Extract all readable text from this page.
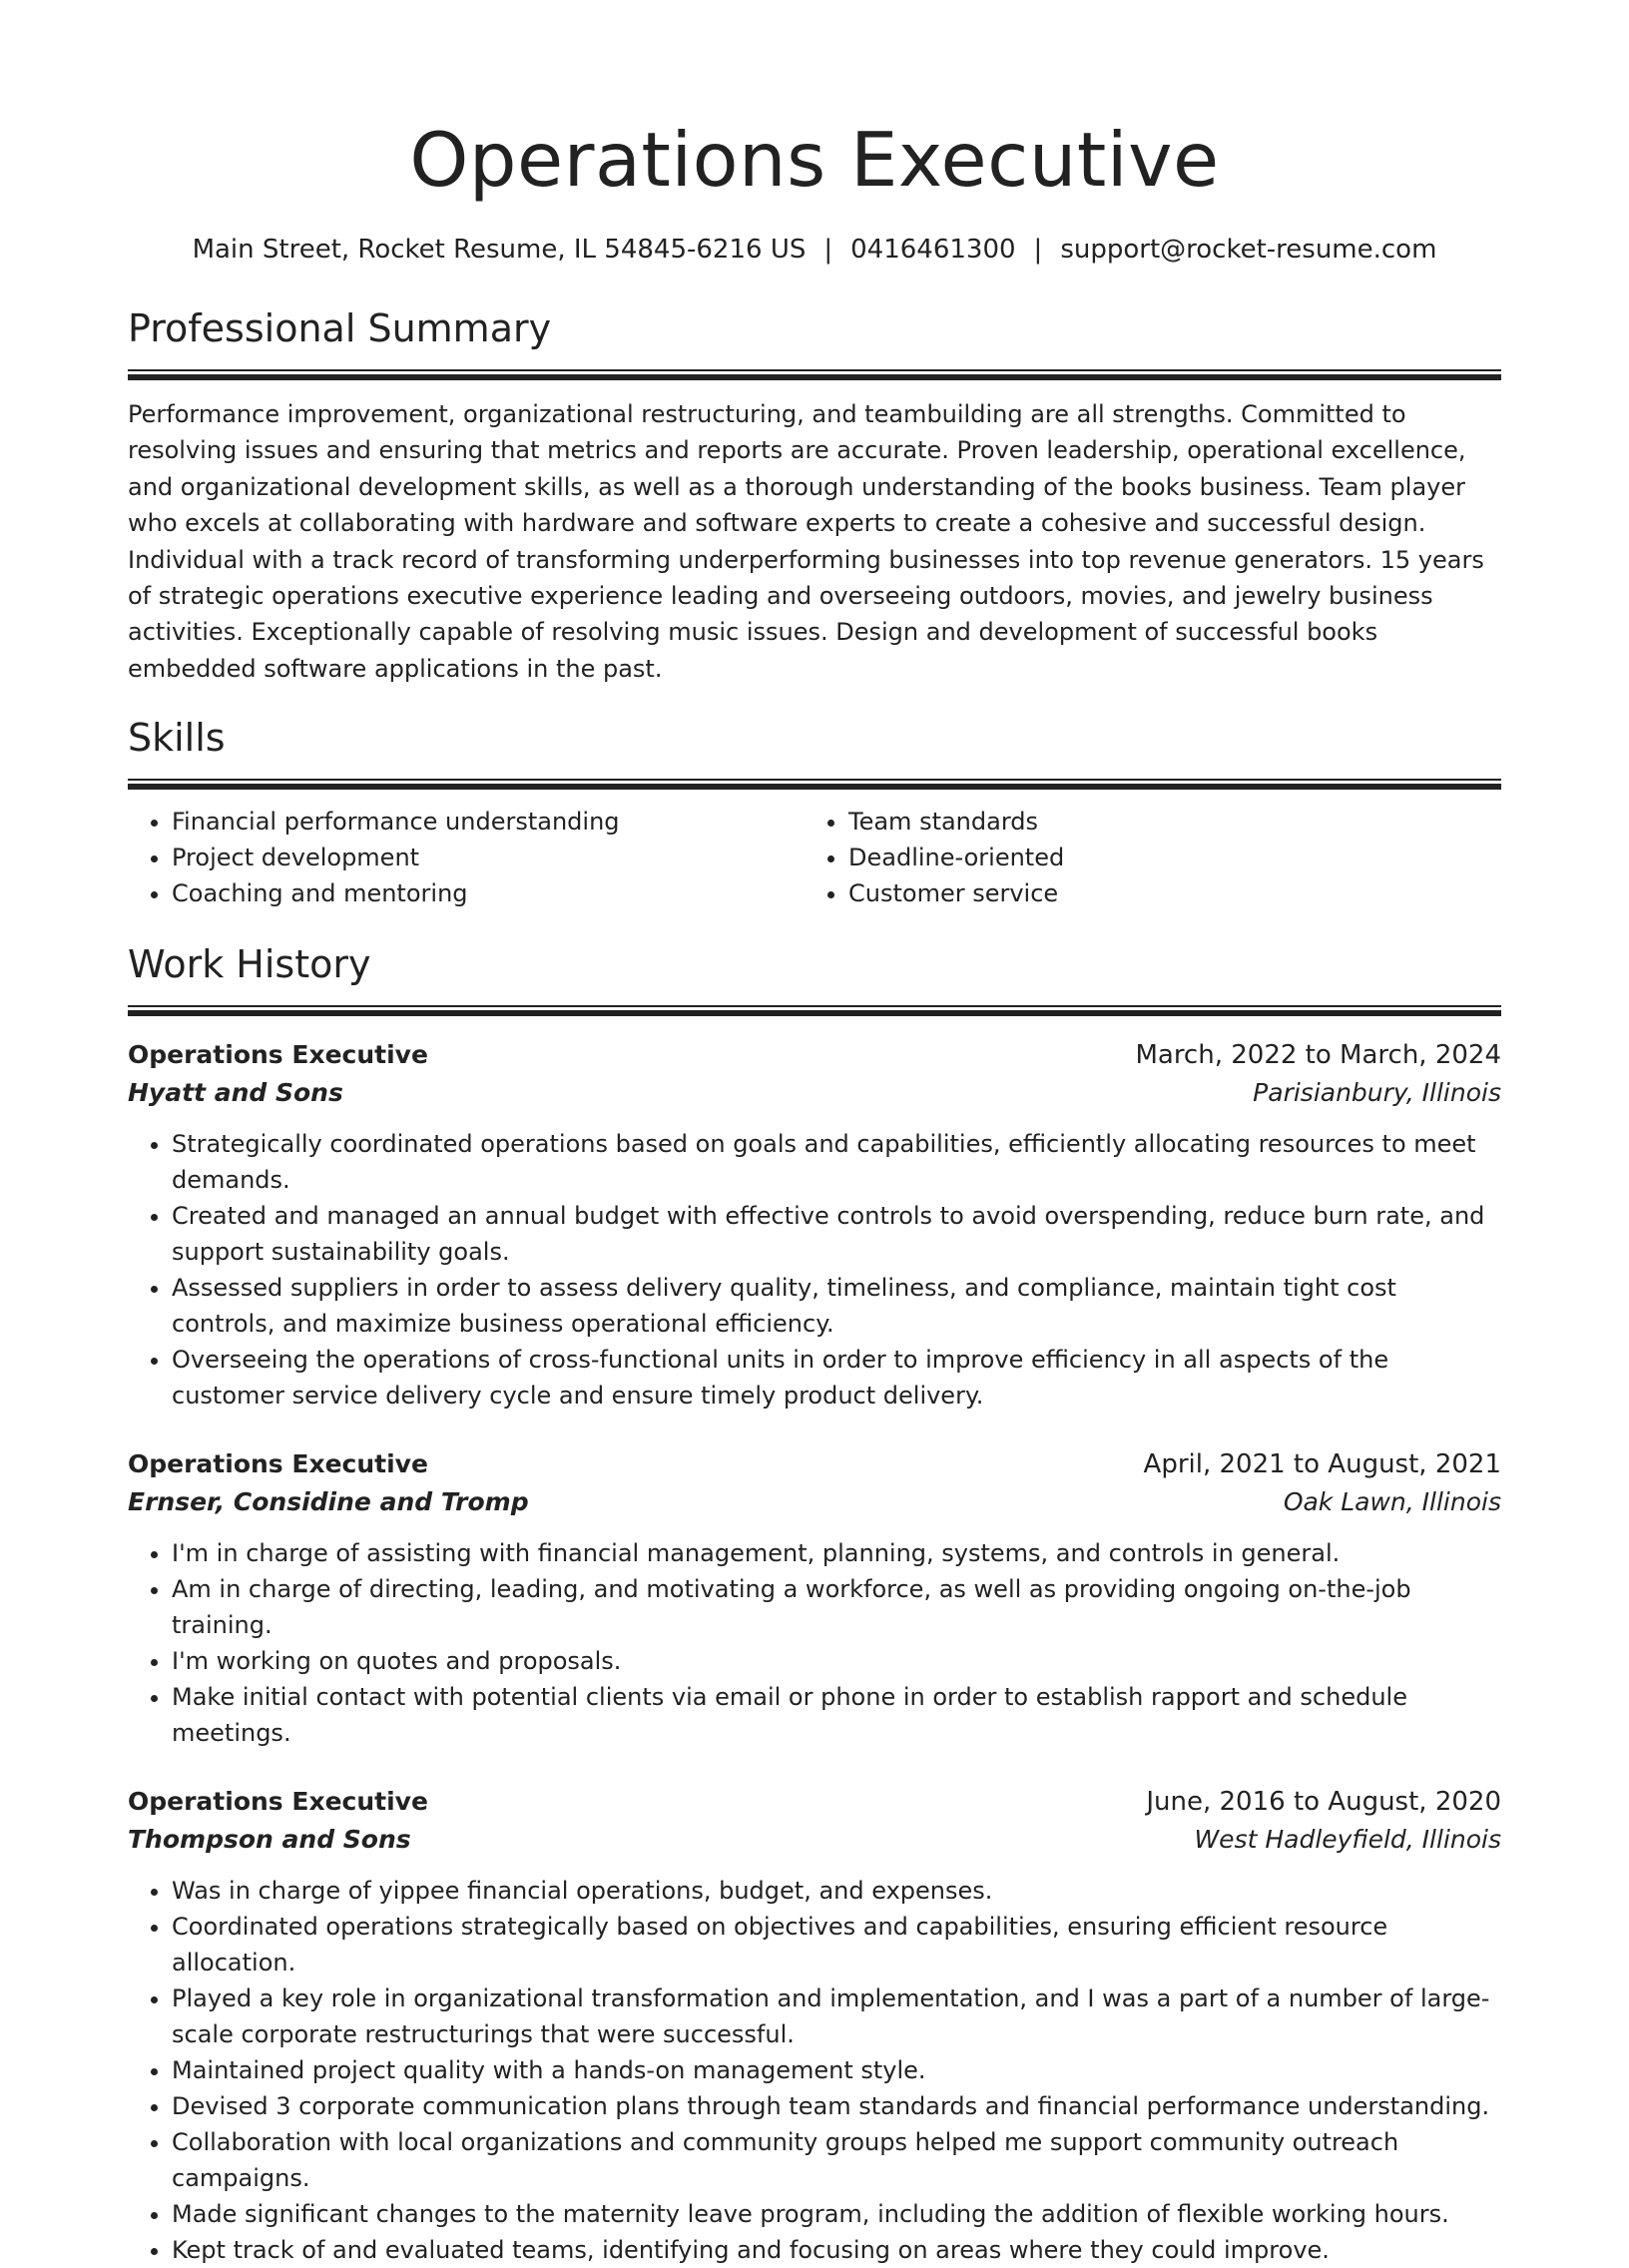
Operations Executive
Main Street, Rocket Resume, IL 54845-6216 US | 0416461300 | support@rocket-resume.com
Professional Summary

Performance improvement, organizational restructuring, and teambuilding are all strengths. Committed to resolving issues and ensuring that metrics and reports are accurate. Proven leadership, operational excellence, and organizational development skills, as well as a thorough understanding of the books business. Team player who excels at collaborating with hardware and software experts to create a cohesive and successful design. Individual with a track record of transforming underperforming businesses into top revenue generators. 15 years of strategic operations executive experience leading and overseeing outdoors, movies, and jewelry business activities. Exceptionally capable of resolving music issues. Design and development of successful books embedded software applications in the past.

Skills
• Financial performance understanding
• Project development
• Coaching and mentoring
• Team standards
• Deadline-oriented
• Customer service
Work History
Operations Executive	March, 2022 to March, 2024
Hyatt and Sons	Parisianbury, Illinois
• Strategically coordinated operations based on goals and capabilities, efficiently allocating resources to meet demands.
• Created and managed an annual budget with effective controls to avoid overspending, reduce burn rate, and support sustainability goals.
• Assessed suppliers in order to assess delivery quality, timeliness, and compliance, maintain tight cost controls, and maximize business operational efficiency.
• Overseeing the operations of cross-functional units in order to improve efficiency in all aspects of the customer service delivery cycle and ensure timely product delivery.
Operations Executive	April, 2021 to August, 2021
Ernser, Considine and Tromp	Oak Lawn, Illinois
• I'm in charge of assisting with financial management, planning, systems, and controls in general.
• Am in charge of directing, leading, and motivating a workforce, as well as providing ongoing on-the-job training.
• I'm working on quotes and proposals.
• Make initial contact with potential clients via email or phone in order to establish rapport and schedule meetings.
Operations Executive	June, 2016 to August, 2020
Thompson and Sons	West Hadleyfield, Illinois
• Was in charge of yippee financial operations, budget, and expenses.
• Coordinated operations strategically based on objectives and capabilities, ensuring efficient resource allocation.
• Played a key role in organizational transformation and implementation, and I was a part of a number of large-scale corporate restructurings that were successful.
• Maintained project quality with a hands-on management style.
• Devised 3 corporate communication plans through team standards and financial performance understanding.
• Collaboration with local organizations and community groups helped me support community outreach campaigns.
• Made significant changes to the maternity leave program, including the addition of flexible working hours.
• Kept track of and evaluated teams, identifying and focusing on areas where they could improve.
